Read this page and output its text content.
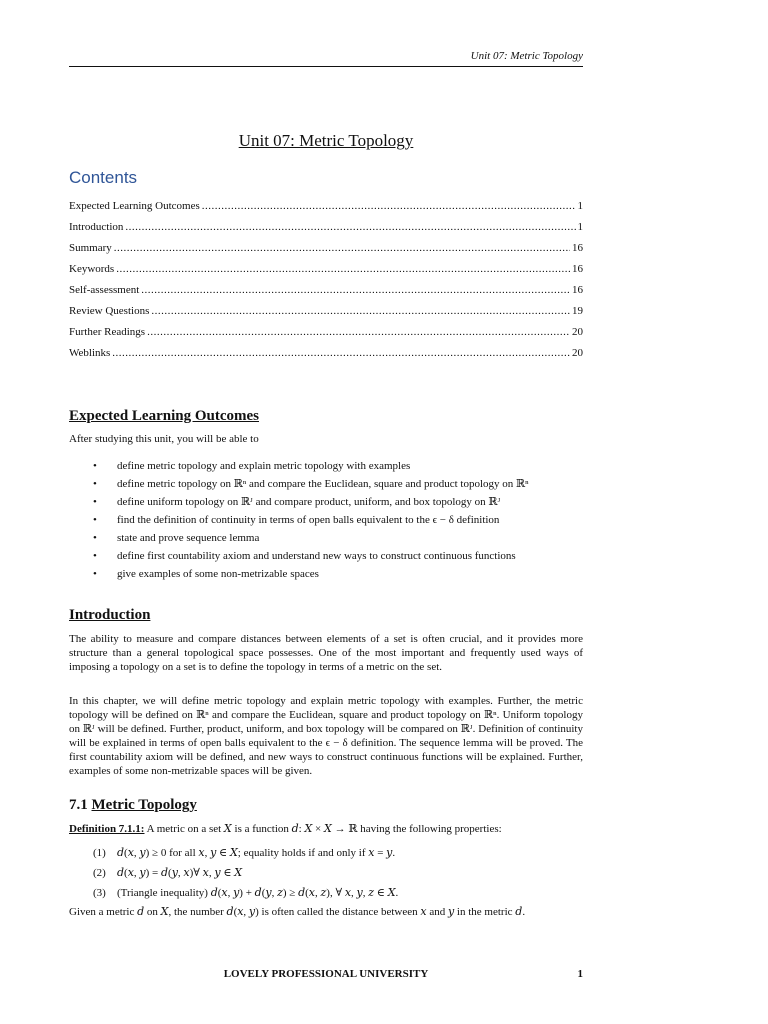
Unit 07: Metric Topology
Unit 07: Metric Topology
Contents
Expected Learning Outcomes .....	1
Introduction .....	1
Summary .....	16
Keywords .....	16
Self-assessment .....	16
Review Questions .....	19
Further Readings .....	20
Weblinks .....	20
Expected Learning Outcomes
After studying this unit, you will be able to
• define metric topology and explain metric topology with examples
• define metric topology on ℝⁿ and compare the Euclidean, square and product topology on ℝⁿ
• define uniform topology on ℝᴶ and compare product, uniform, and box topology on ℝᴶ
• find the definition of continuity in terms of open balls equivalent to the ϵ − δ definition
• state and prove sequence lemma
• define first countability axiom and understand new ways to construct continuous functions
• give examples of some non-metrizable spaces
Introduction
The ability to measure and compare distances between elements of a set is often crucial, and it provides more structure than a general topological space possesses. One of the most important and frequently used ways of imposing a topology on a set is to define the topology in terms of a metric on the set.
In this chapter, we will define metric topology and explain metric topology with examples. Further, the metric topology will be defined on ℝⁿ and compare the Euclidean, square and product topology on ℝⁿ. Uniform topology on ℝᴶ will be defined. Further, product, uniform, and box topology will be compared on ℝᴶ. Definition of continuity will be explained in terms of open balls equivalent to the ϵ − δ definition. The sequence lemma will be proved. The first countability axiom will be defined, and new ways to construct continuous functions will be explained. Further, examples of some non-metrizable spaces will be given.
7.1 Metric Topology
Definition 7.1.1: A metric on a set 𝑋 is a function 𝑑: 𝑋 × 𝑋 → ℝ having the following properties:
(1) 𝑑(𝑥, 𝑦) ≥ 0 for all 𝑥, 𝑦 ∈ 𝑋; equality holds if and only if 𝑥 = 𝑦.
(2) 𝑑(𝑥, 𝑦) = 𝑑(𝑦, 𝑥)∀ 𝑥, 𝑦 ∈ 𝑋
(3) (Triangle inequality) 𝑑(𝑥, 𝑦) + 𝑑(𝑦, 𝑧) ≥ 𝑑(𝑥, 𝑧), ∀ 𝑥, 𝑦, 𝑧 ∈ 𝑋.
Given a metric 𝑑 on 𝑋, the number 𝑑(𝑥, 𝑦) is often called the distance between 𝑥 and 𝑦 in the metric 𝑑.
LOVELY PROFESSIONAL UNIVERSITY	1
